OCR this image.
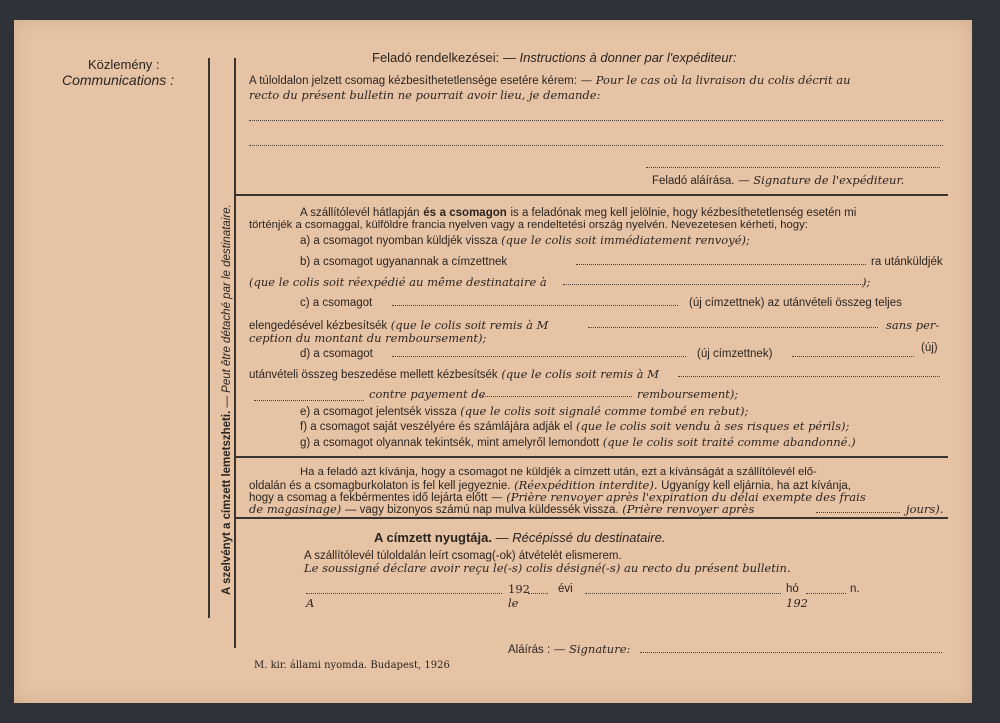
Közlemény :
Communications :
A szelvényt a címzett lemetszheti. — Peut être détaché par le destinataire.
Feladó rendelkezései: — Instructions à donner par l'expéditeur:
A túloldalon jelzett csomag kézbesíthetetlensége esetére kérem: — Pour le cas où la livraison du colis décrit au
recto du présent bulletin ne pourrait avoir lieu, je demande:
Feladó aláírása. — Signature de l'expéditeur.
A szállítólevél hátlapján és a csomagon is a feladónak meg kell jelölnie, hogy kézbesíthetetlenség esetén mi
történjék a csomaggal, külföldre francia nyelven vagy a rendeltetési ország nyelvén. Nevezetesen kérheti, hogy:
a) a csomagot nyomban küldjék vissza (que le colis soit immédiatement renvoyé);
b) a csomagot ugyanannak a címzettnek	ra utánküldjék
(que le colis soit réexpédié au même destinataire à	);
c) a csomagot	(új címzettnek) az utánvételi összeg teljes
elengedésével kézbesítsék (que le colis soit remis à M	sans per-
ception du montant du remboursement);
d) a csomagot	(új címzettnek)	(új)
utánvételi összeg beszedése mellett kézbesítsék (que le colis soit remis à M
contre payement de	remboursement);
e) a csomagot jelentsék vissza (que le colis soit signalé comme tombé en rebut);
f) a csomagot saját veszélyére és számlájára adják el (que le colis soit vendu à ses risques et périls);
g) a csomagot olyannak tekintsék, mint amelyről lemondott (que le colis soit traité comme abandonné.)
Ha a feladó azt kívánja, hogy a csomagot ne küldjék a címzett után, ezt a kívánságát a szállítólevél elő-
oldalán és a csomagburkolaton is fel kell jegyeznie. (Réexpédition interdite). Ugyanígy kell eljárnia, ha azt kívánja,
hogy a csomag a fekbérmentes idő lejárta előtt — (Prière renvoyer après l'expiration du délai exempte des frais
de magasinage) — vagy bizonyos számú nap mulva küldessék vissza. (Prière renvoyer après	jours).
A címzett nyugtája. — Récépissé du destinataire.
A szállítólevél túloldalán leírt csomag(-ok) átvételét elismerem.
Le soussigné déclare avoir reçu le(-s) colis désigné(-s) au recto du présent bulletin.
192 évi	hó	n.
A	le	192
Aláírás : — Signature:
M. kir. állami nyomda. Budapest, 1926
